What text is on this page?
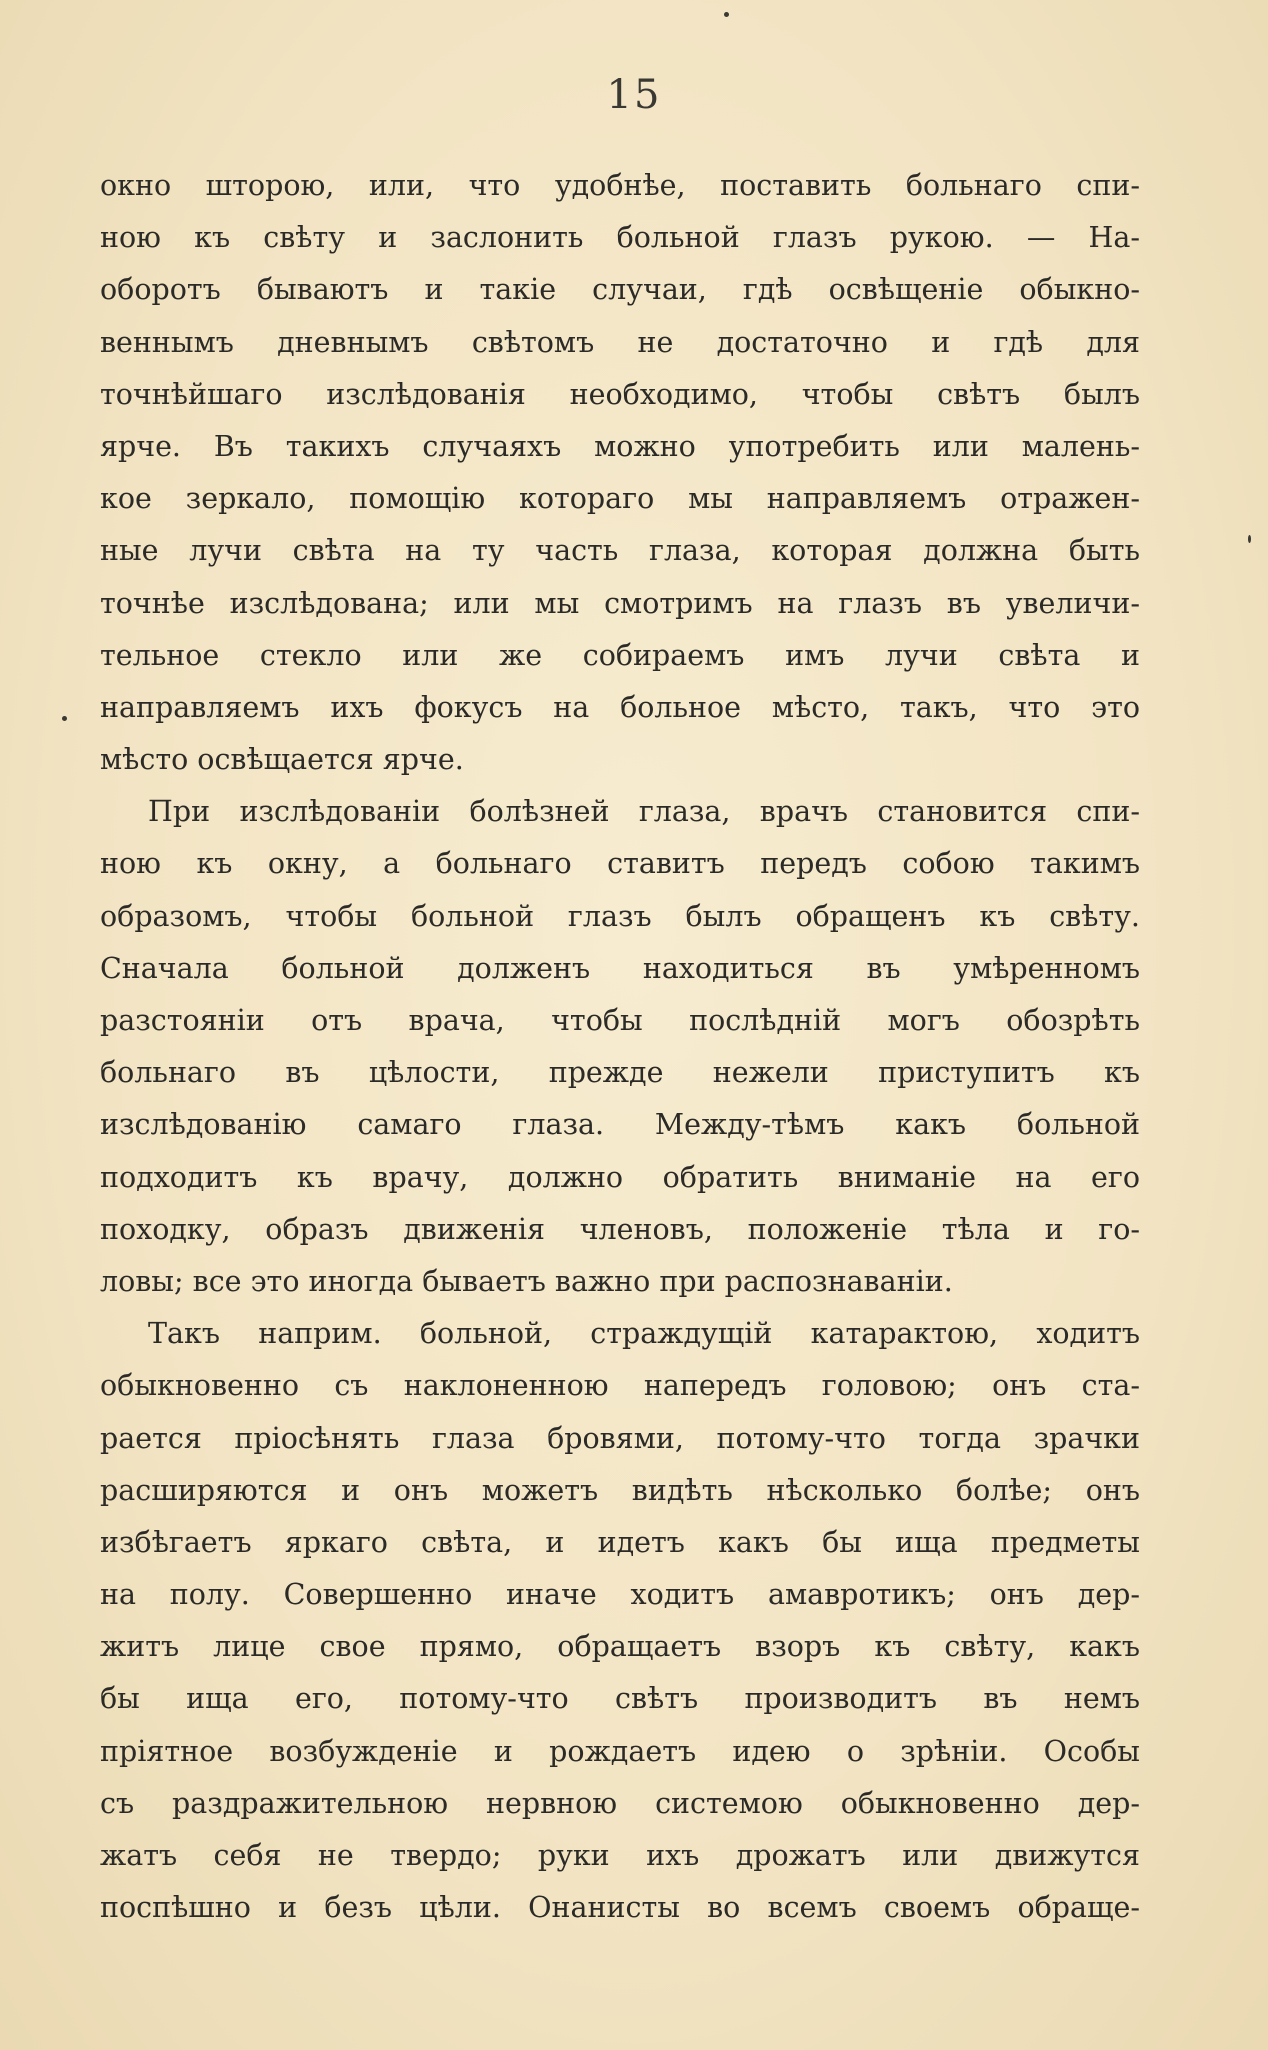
15
окно шторою, или, что удобнѣе, поставить больнаго спи-
ною къ свѣту и заслонить больной глазъ рукою. — На-
оборотъ бываютъ и такіе случаи, гдѣ освѣщеніе обыкно-
веннымъ дневнымъ свѣтомъ не достаточно и гдѣ для
точнѣйшаго изслѣдованія необходимо, чтобы свѣтъ былъ
ярче. Въ такихъ случаяхъ можно употребить или малень-
кое зеркало, помощію котораго мы направляемъ отражен-
ные лучи свѣта на ту часть глаза, которая должна быть
точнѣе изслѣдована; или мы смотримъ на глазъ въ увеличи-
тельное стекло или же собираемъ имъ лучи свѣта и
направляемъ ихъ фокусъ на больное мѣсто, такъ, что это
мѣсто освѣщается ярче.
При изслѣдованіи болѣзней глаза, врачъ становится спи-
ною къ окну, а больнаго ставитъ передъ собою такимъ
образомъ, чтобы больной глазъ былъ обращенъ къ свѣту.
Сначала больной долженъ находиться въ умѣренномъ
разстояніи отъ врача, чтобы послѣдній могъ обозрѣть
больнаго въ цѣлости, прежде нежели приступитъ къ
изслѣдованію самаго глаза. Между-тѣмъ какъ больной
подходитъ къ врачу, должно обратить вниманіе на его
походку, образъ движенія членовъ, положеніе тѣла и го-
ловы; все это иногда бываетъ важно при распознаваніи.
Такъ наприм. больной, страждущій катарактою, ходитъ
обыкновенно съ наклоненною напередъ головою; онъ ста-
рается пріосѣнять глаза бровями, потому-что тогда зрачки
расширяются и онъ можетъ видѣть нѣсколько болѣе; онъ
избѣгаетъ яркаго свѣта, и идетъ какъ бы ища предметы
на полу. Совершенно иначе ходитъ амавротикъ; онъ дер-
житъ лице свое прямо, обращаетъ взоръ къ свѣту, какъ
бы ища его, потому-что свѣтъ производитъ въ немъ
пріятное возбужденіе и рождаетъ идею о зрѣніи. Особы
съ раздражительною нервною системою обыкновенно дер-
жатъ себя не твердо; руки ихъ дрожатъ или движутся
поспѣшно и безъ цѣли. Онанисты во всемъ своемъ обраще-
